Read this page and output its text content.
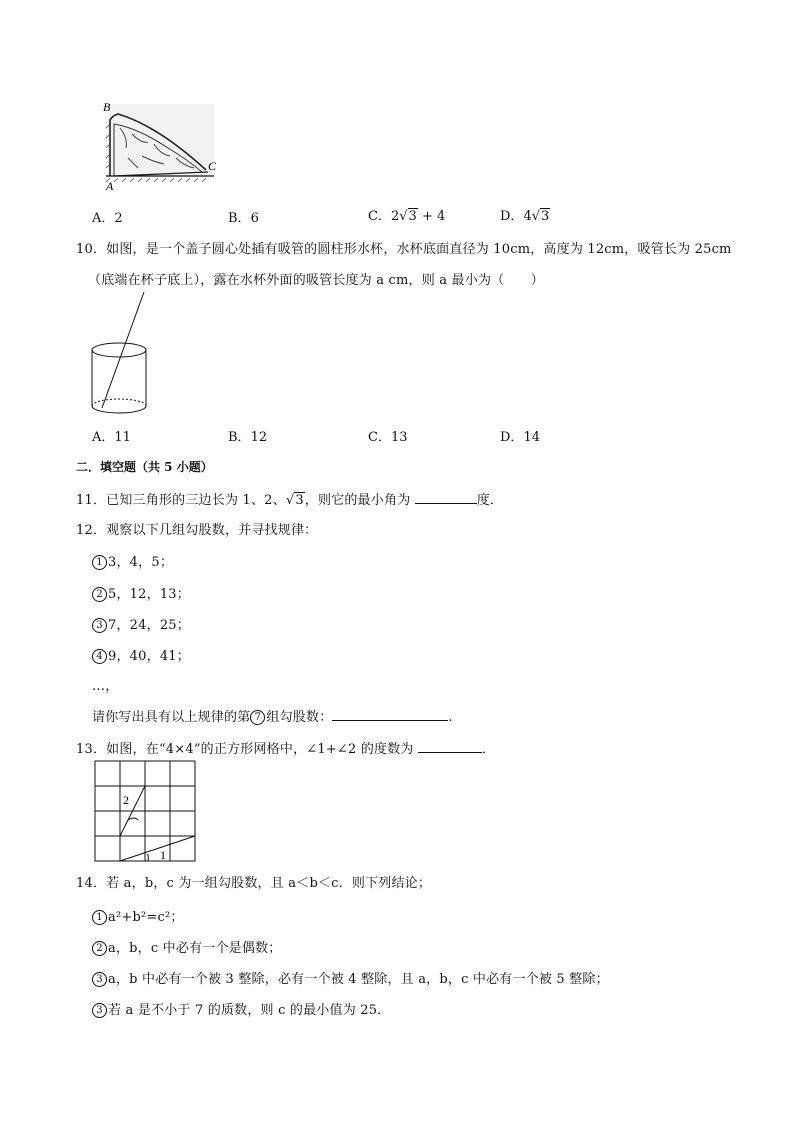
B
A
C
A．2	B．6	C．2√3 + 4	D．4√3
10．如图，是一个盖子圆心处插有吸管的圆柱形水杯，水杯底面直径为 10cm，高度为 12cm，吸管长为 25cm
（底端在杯子底上），露在水杯外面的吸管长度为 a cm，则 a 最小为（　　）
A．11	B．12	C．13	D．14
二．填空题（共 5 小题）
11．已知三角形的三边长为 1、2、√3，则它的最小角为	度．
12．观察以下几组勾股数，并寻找规律：
1 3，4，5；
2 5，12，13；
3 7，24，25；
4 9，40，41；
…，
请你写出具有以上规律的第 7 组勾股数：	.
13．如图，在“4×4”的正方形网格中，∠1+∠2 的度数为	．
2
1
14．若 a，b，c 为一组勾股数，且 a＜b＜c．则下列结论；
1 a²+b²=c²；
2 a，b，c 中必有一个是偶数；
3 a，b 中必有一个被 3 整除，必有一个被 4 整除，且 a，b，c 中必有一个被 5 整除；
3 若 a 是不小于 7 的质数，则 c 的最小值为 25．
